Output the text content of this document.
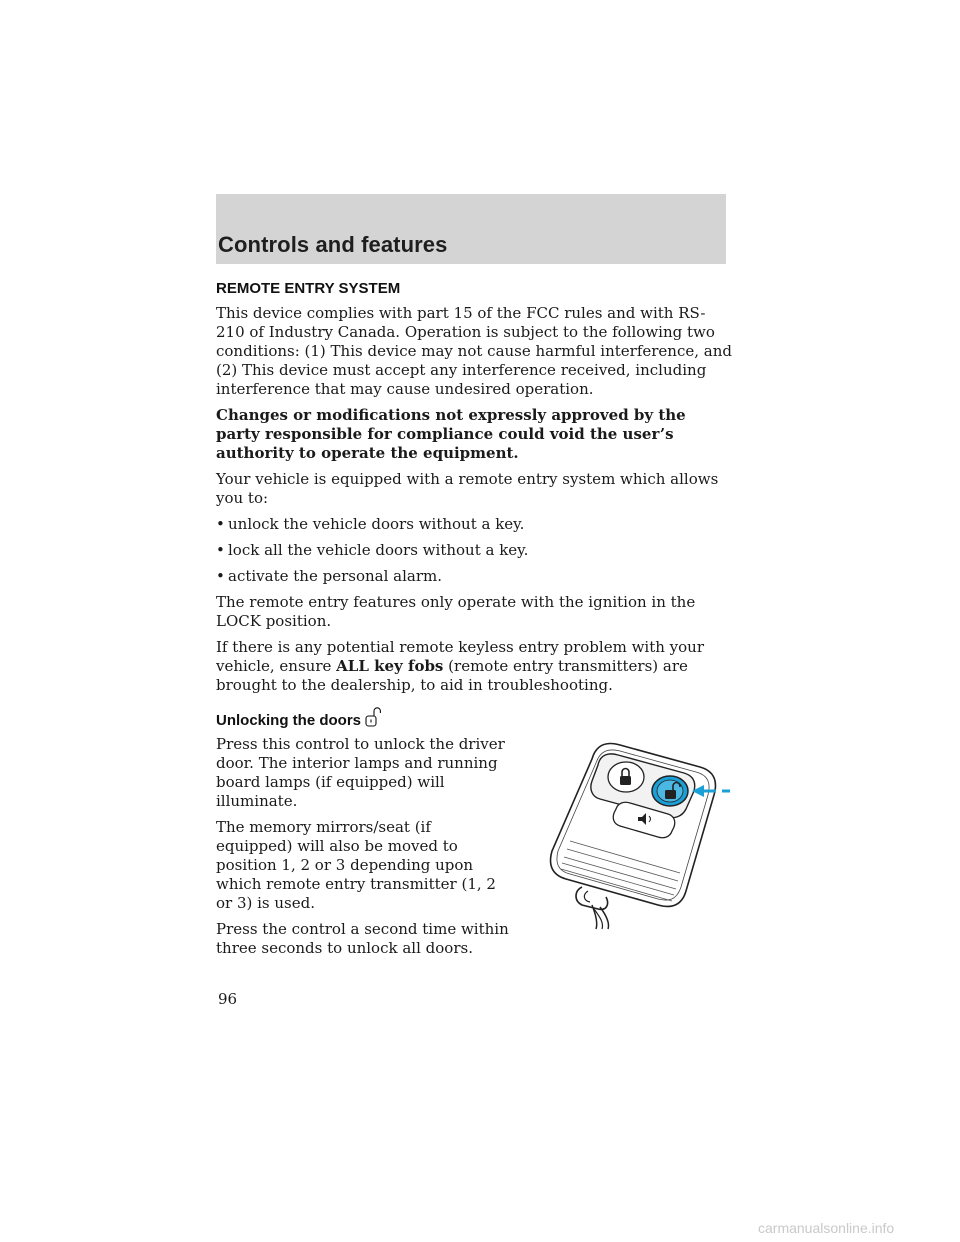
Controls and features
REMOTE ENTRY SYSTEM

This device complies with part 15 of the FCC rules and with RS-210 of Industry Canada. Operation is subject to the following two conditions: (1) This device may not cause harmful interference, and (2) This device must accept any interference received, including interference that may cause undesired operation.

Changes or modifications not expressly approved by the party responsible for compliance could void the user’s authority to operate the equipment.

Your vehicle is equipped with a remote entry system which allows you to:

• unlock the vehicle doors without a key.
• lock all the vehicle doors without a key.
• activate the personal alarm.

The remote entry features only operate with the ignition in the LOCK position.

If there is any potential remote keyless entry problem with your vehicle, ensure ALL key fobs (remote entry transmitters) are brought to the dealership, to aid in troubleshooting.

Unlocking the doors

Press this control to unlock the driver door. The interior lamps and running board lamps (if equipped) will illuminate.

The memory mirrors/seat (if equipped) will also be moved to position 1, 2 or 3 depending upon which remote entry transmitter (1, 2 or 3) is used.

Press the control a second time within three seconds to unlock all doors.

96
carmanualsonline.info
